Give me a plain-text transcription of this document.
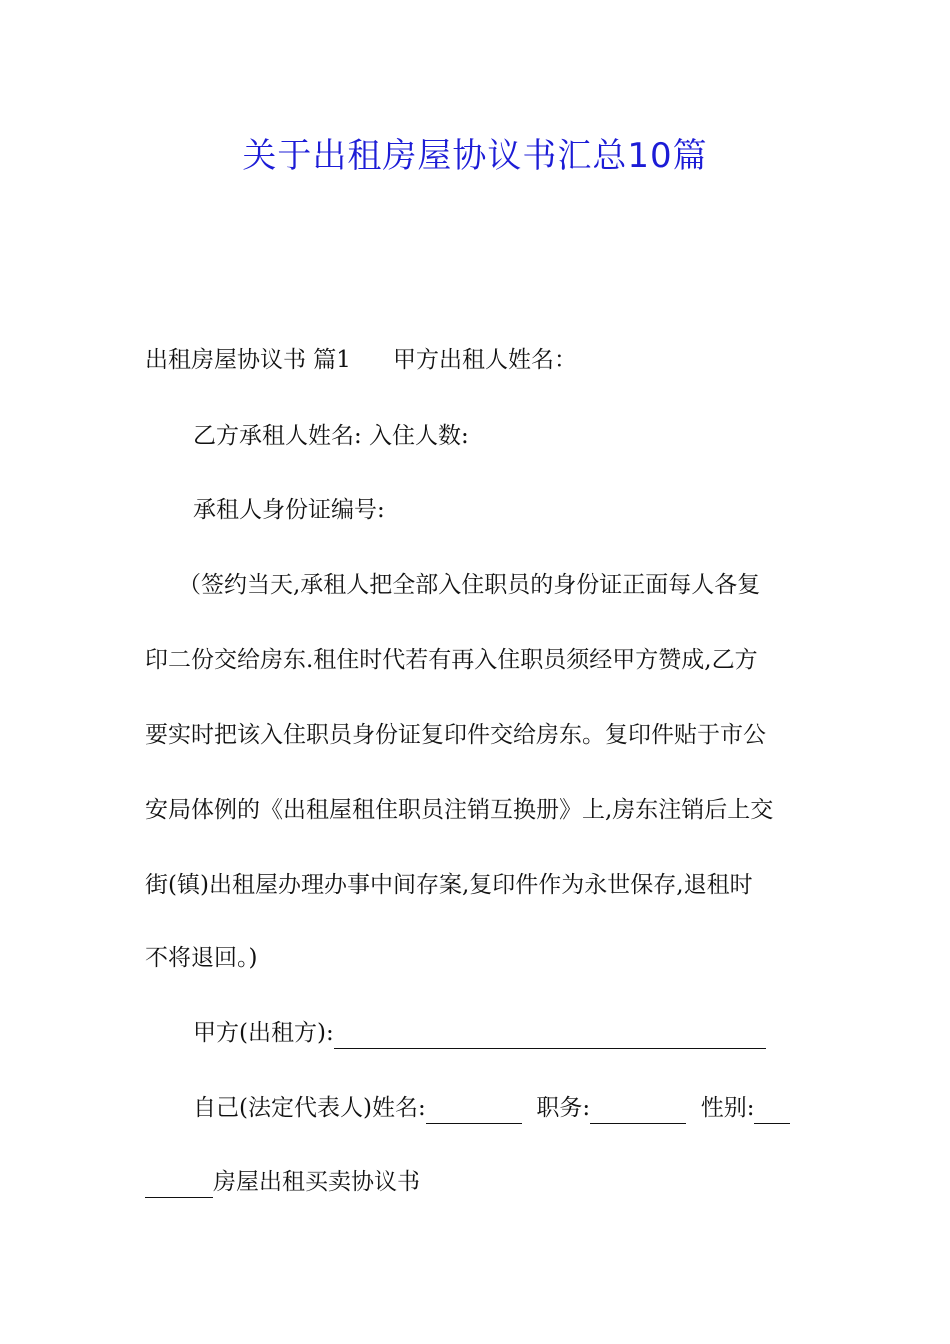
关于出租房屋协议书汇总10篇
出租房屋协议书 篇1 甲方出租人姓名：
乙方承租人姓名: 入住人数:
承租人身份证编号:
（签约当天,承租人把全部入住职员的身份证正面每人各复
印二份交给房东.租住时代若有再入住职员须经甲方赞成,乙方
要实时把该入住职员身份证复印件交给房东。复印件贴于市公
安局体例的《出租屋租住职员注销互换册》上,房东注销后上交
街(镇)出租屋办理办事中间存案,复印件作为永世保存,退租时
不将退回。)
甲方(出租方):
自己(法定代表人)姓名:	职务:	性别:
房屋出租买卖协议书
